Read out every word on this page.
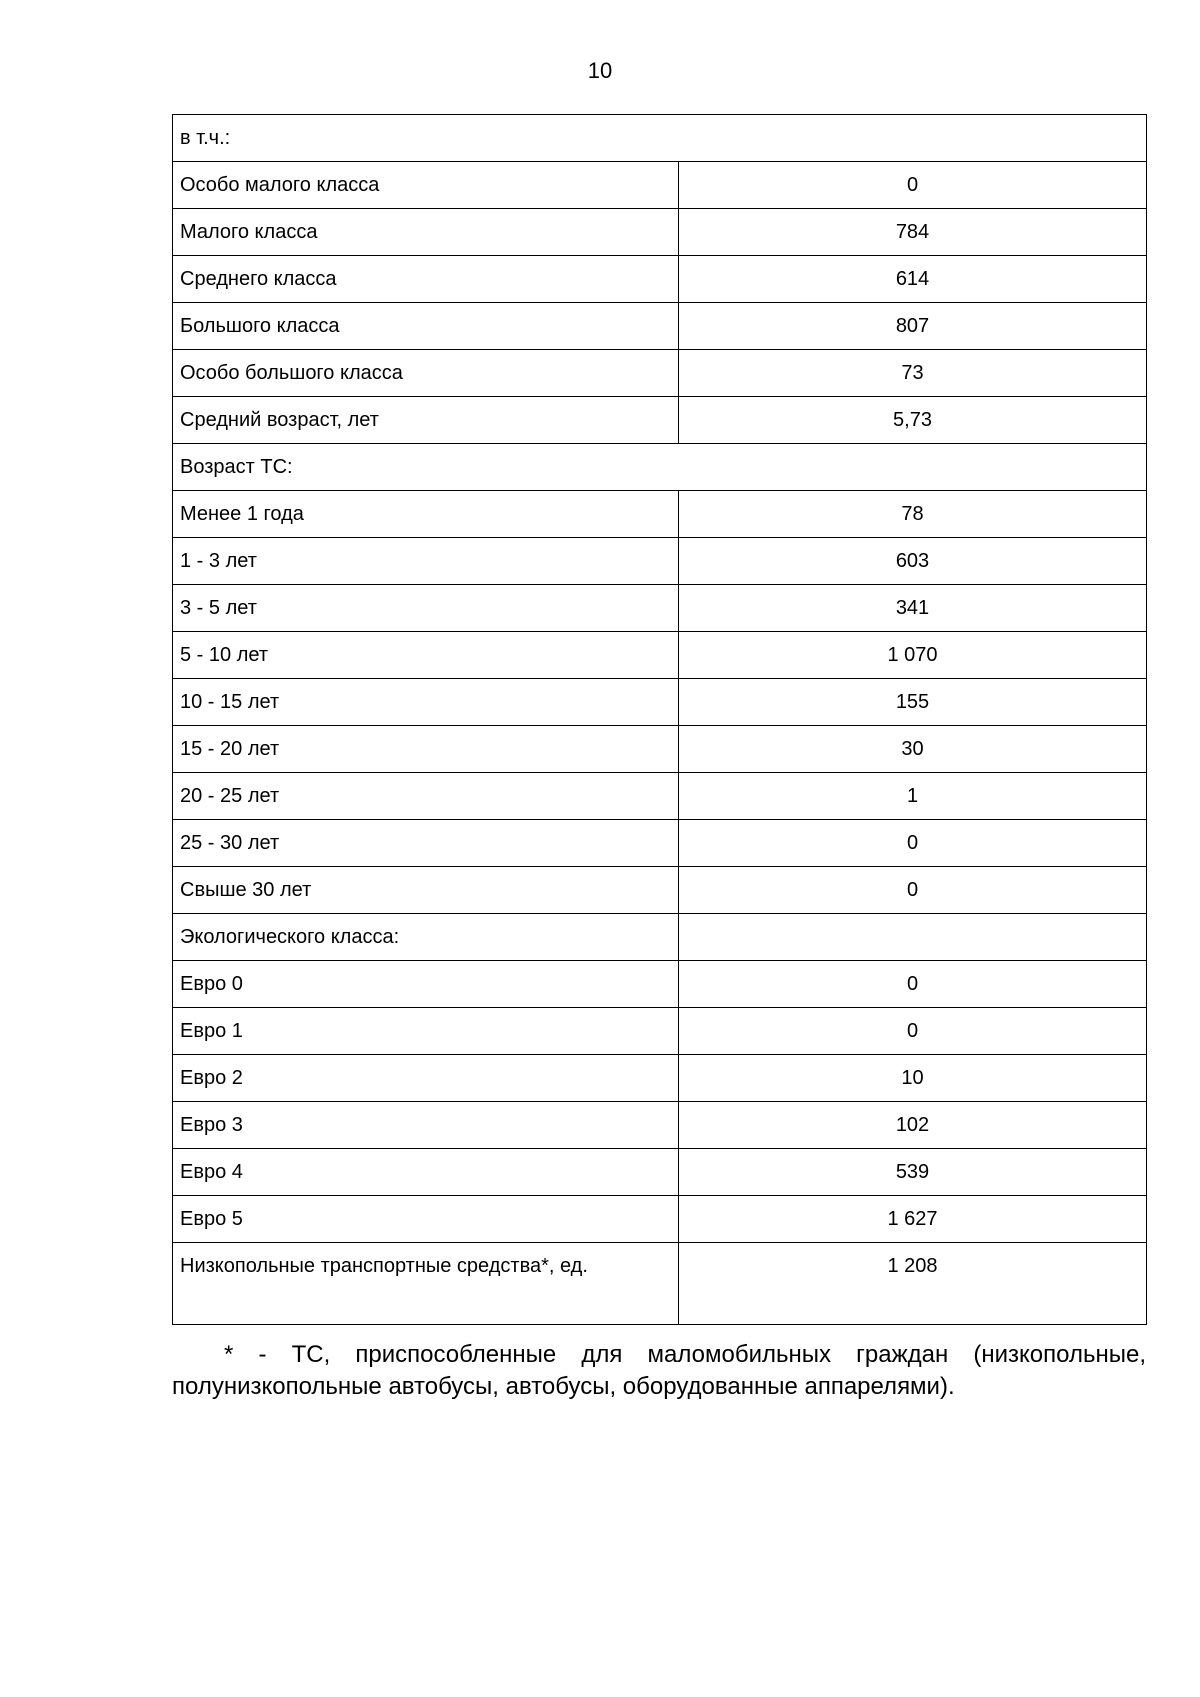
10
в т.ч.:	
Особо малого класса	0
Малого класса	784
Среднего класса	614
Большого класса	807
Особо большого класса	73
Средний возраст, лет	5,73
Возраст ТС:	
Менее 1 года	78
1 - 3 лет	603
3 - 5 лет	341
5 - 10 лет	1 070
10 - 15 лет	155
15 - 20 лет	30
20 - 25 лет	1
25 - 30 лет	0
Свыше 30 лет	0
Экологического класса:	
Евро 0	0
Евро 1	0
Евро 2	10
Евро 3	102
Евро 4	539
Евро 5	1 627
Низкопольные транспортные средства*, ед.	1 208

* - ТС, приспособленные для маломобильных граждан (низкопольные, полунизкопольные автобусы, автобусы, оборудованные аппарелями).
